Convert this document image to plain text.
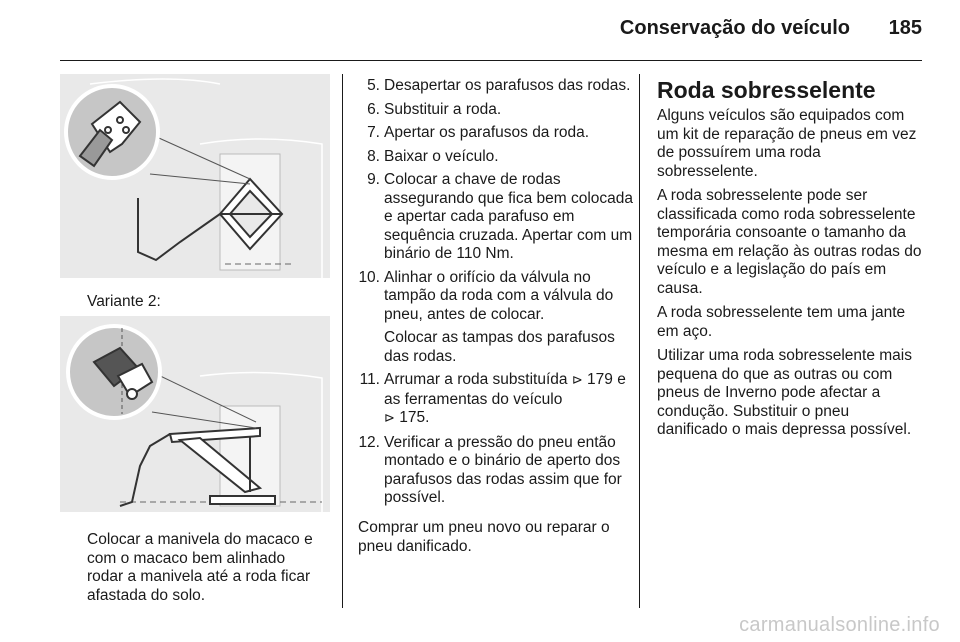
Conservação do veículo	185
Variante 2:
Colocar a manivela do macaco e com o macaco bem alinhado rodar a manivela até a roda ficar afastada do solo.
5. Desapertar os parafusos das rodas.
6. Substituir a roda.
7. Apertar os parafusos da roda.
8. Baixar o veículo.
9. Colocar a chave de rodas assegurando que fica bem colocada e apertar cada parafuso em sequência cruzada. Apertar com um binário de 110 Nm.
10. Alinhar o orifício da válvula no tampão da roda com a válvula do pneu, antes de colocar.
Colocar as tampas dos parafusos das rodas.
11. Arrumar a roda substituída ⊳ 179 e as ferramentas do veículo
⊳ 175.
12. Verificar a pressão do pneu então montado e o binário de aperto dos parafusos das rodas assim que for possível.
Comprar um pneu novo ou reparar o pneu danificado.
Roda sobresselente

Alguns veículos são equipados com um kit de reparação de pneus em vez de possuírem uma roda sobresselente.

A roda sobresselente pode ser classificada como roda sobresselente temporária consoante o tamanho da mesma em relação às outras rodas do veículo e a legislação do país em causa.

A roda sobresselente tem uma jante em aço.

Utilizar uma roda sobresselente mais pequena do que as outras ou com pneus de Inverno pode afectar a condução. Substituir o pneu danificado o mais depressa possível.

carmanualsonline.info
